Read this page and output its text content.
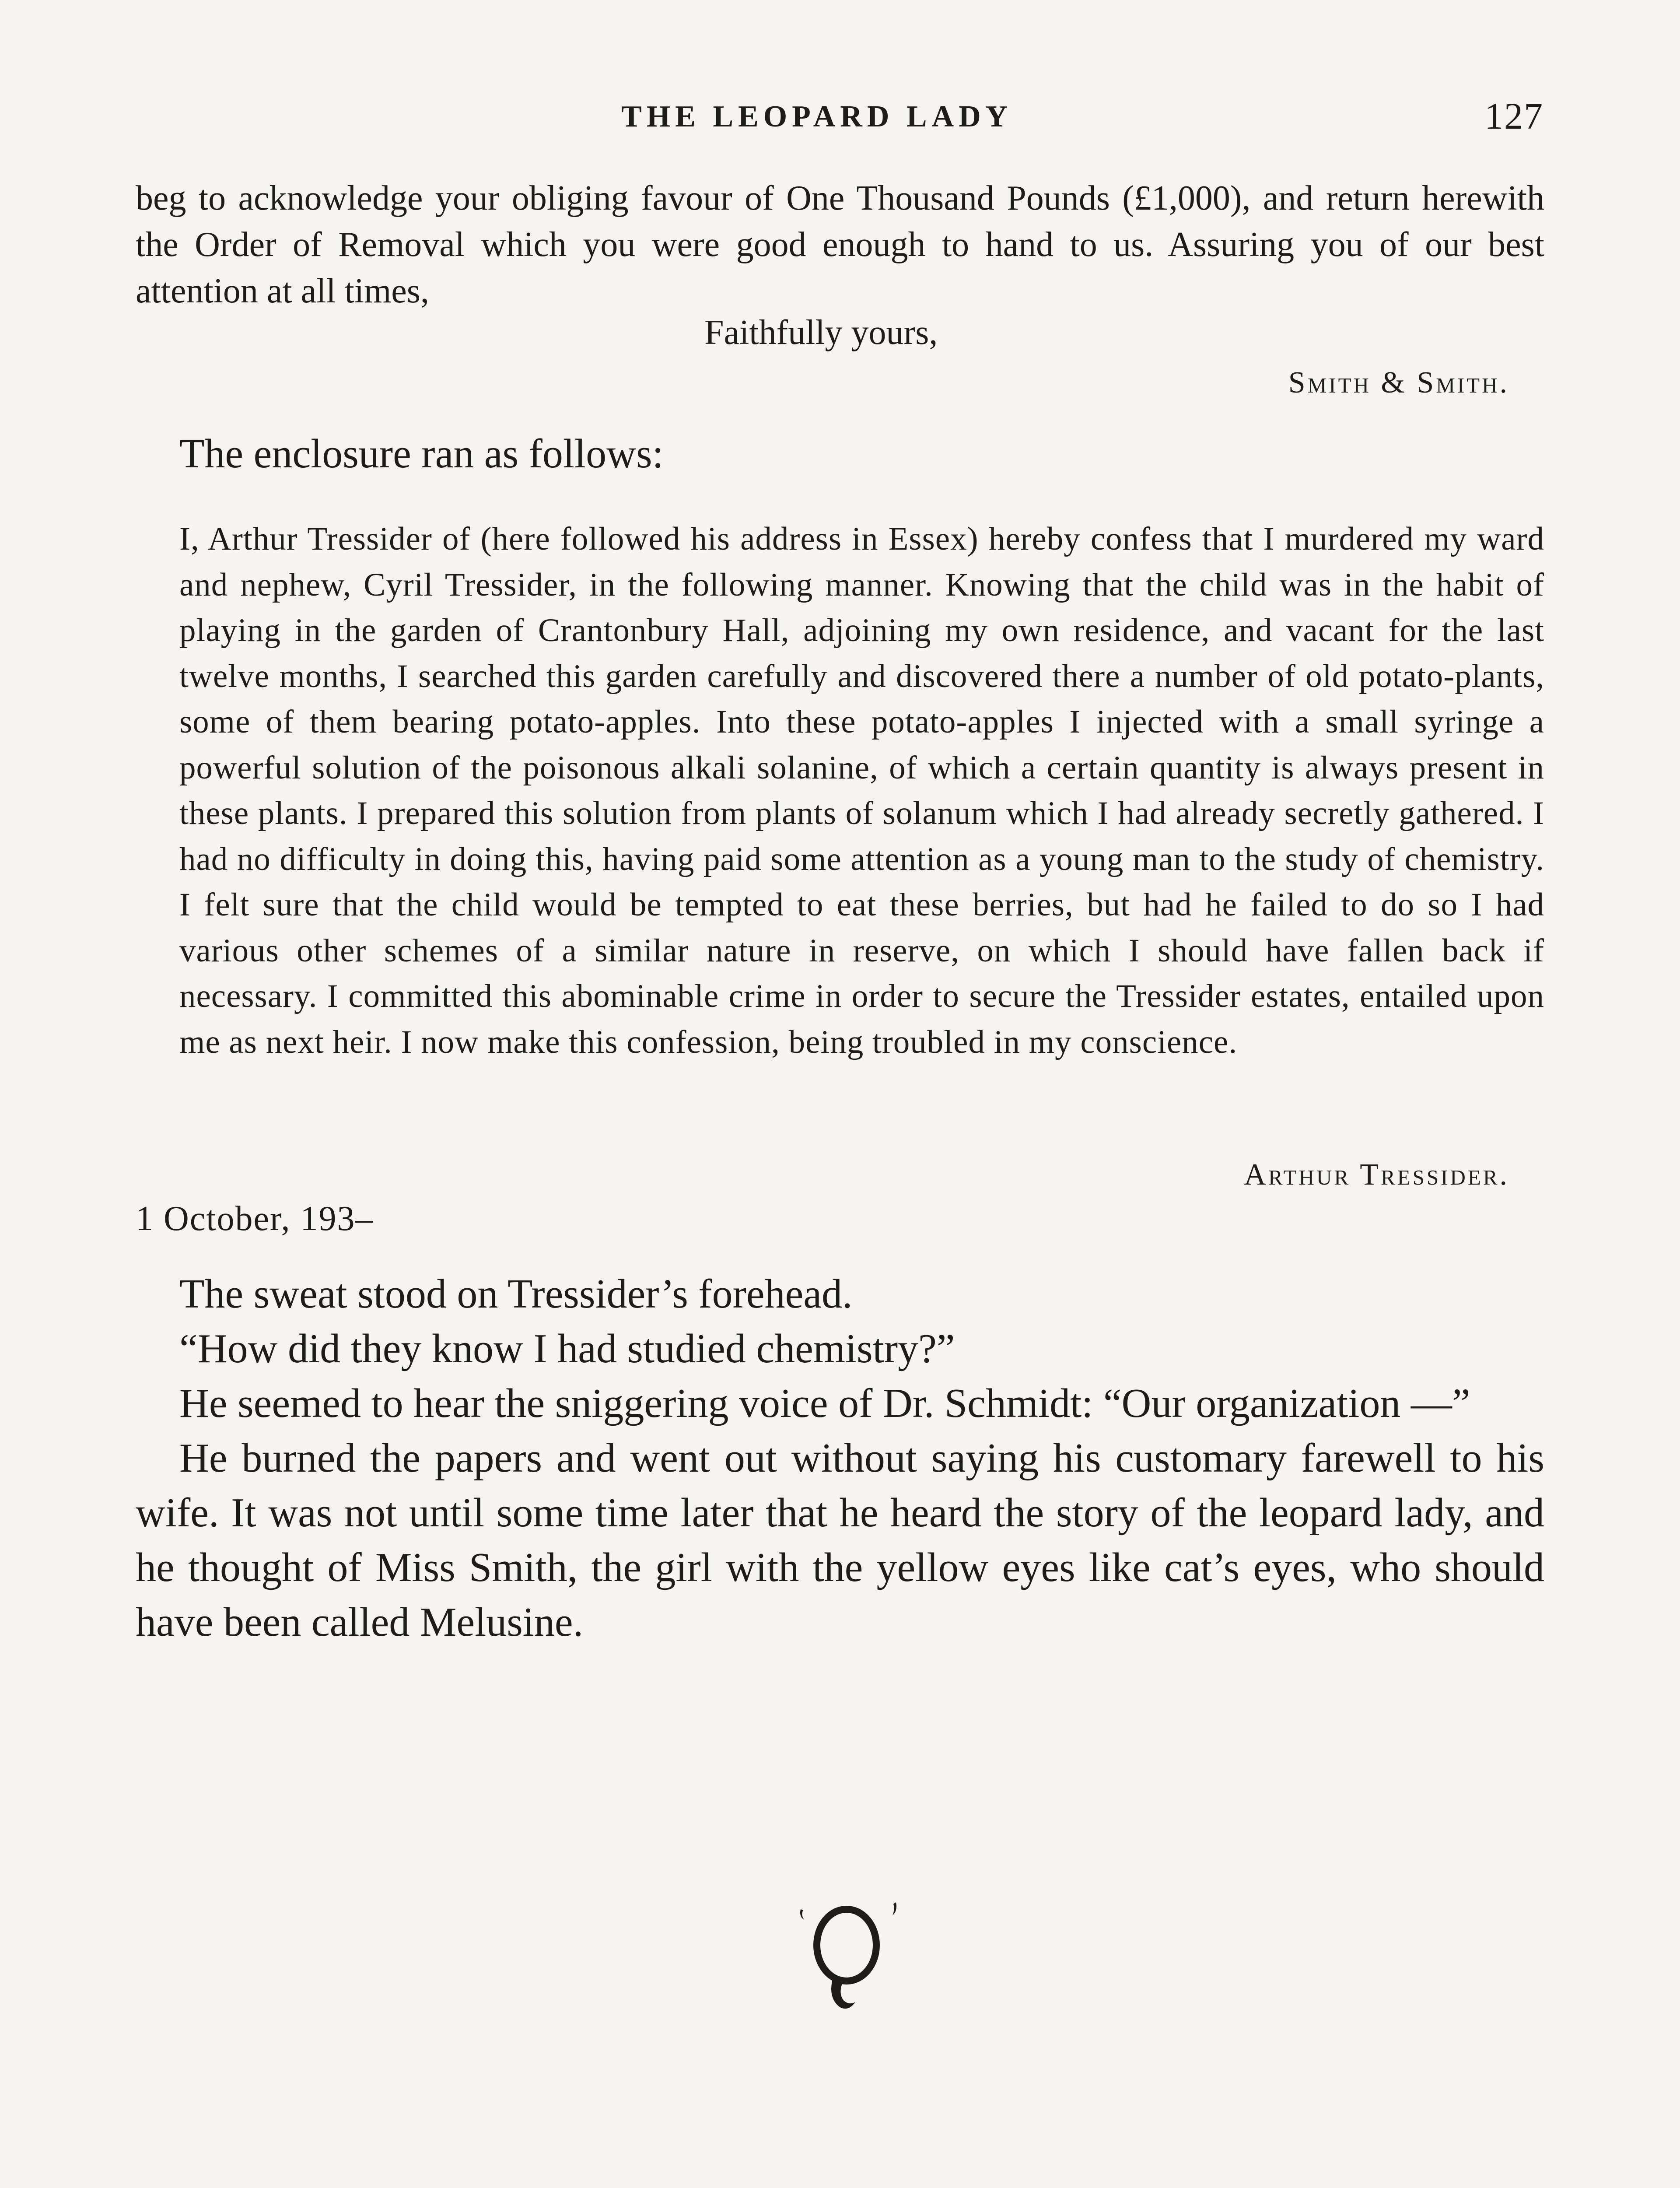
THE LEOPARD LADY	127
beg to acknowledge your obliging favour of One Thousand Pounds (£1,000), and return herewith the Order of Removal which you were good enough to hand to us. Assuring you of our best attention at all times,
Faithfully yours,
Smith & Smith.
The enclosure ran as follows:
I, Arthur Tressider of (here followed his address in Essex) hereby confess that I murdered my ward and nephew, Cyril Tressider, in the following manner. Knowing that the child was in the habit of playing in the garden of Crantonbury Hall, adjoining my own residence, and vacant for the last twelve months, I searched this garden carefully and discovered there a number of old potato-plants, some of them bearing potato-apples. Into these potato-apples I injected with a small syringe a powerful solution of the poisonous alkali solanine, of which a certain quantity is always present in these plants. I prepared this solution from plants of solanum which I had already secretly gathered. I had no difficulty in doing this, having paid some attention as a young man to the study of chemistry. I felt sure that the child would be tempted to eat these berries, but had he failed to do so I had various other schemes of a similar nature in reserve, on which I should have fallen back if necessary. I committed this abominable crime in order to secure the Tressider estates, entailed upon me as next heir. I now make this confession, being troubled in my conscience.
Arthur Tressider.
1 October, 193–

The sweat stood on Tressider’s forehead.

“How did they know I had studied chemistry?”

He seemed to hear the sniggering voice of Dr. Schmidt: “Our organization —”

He burned the papers and went out without saying his customary farewell to his wife. It was not until some time later that he heard the story of the leopard lady, and he thought of Miss Smith, the girl with the yellow eyes like cat’s eyes, who should have been called Melusine.
